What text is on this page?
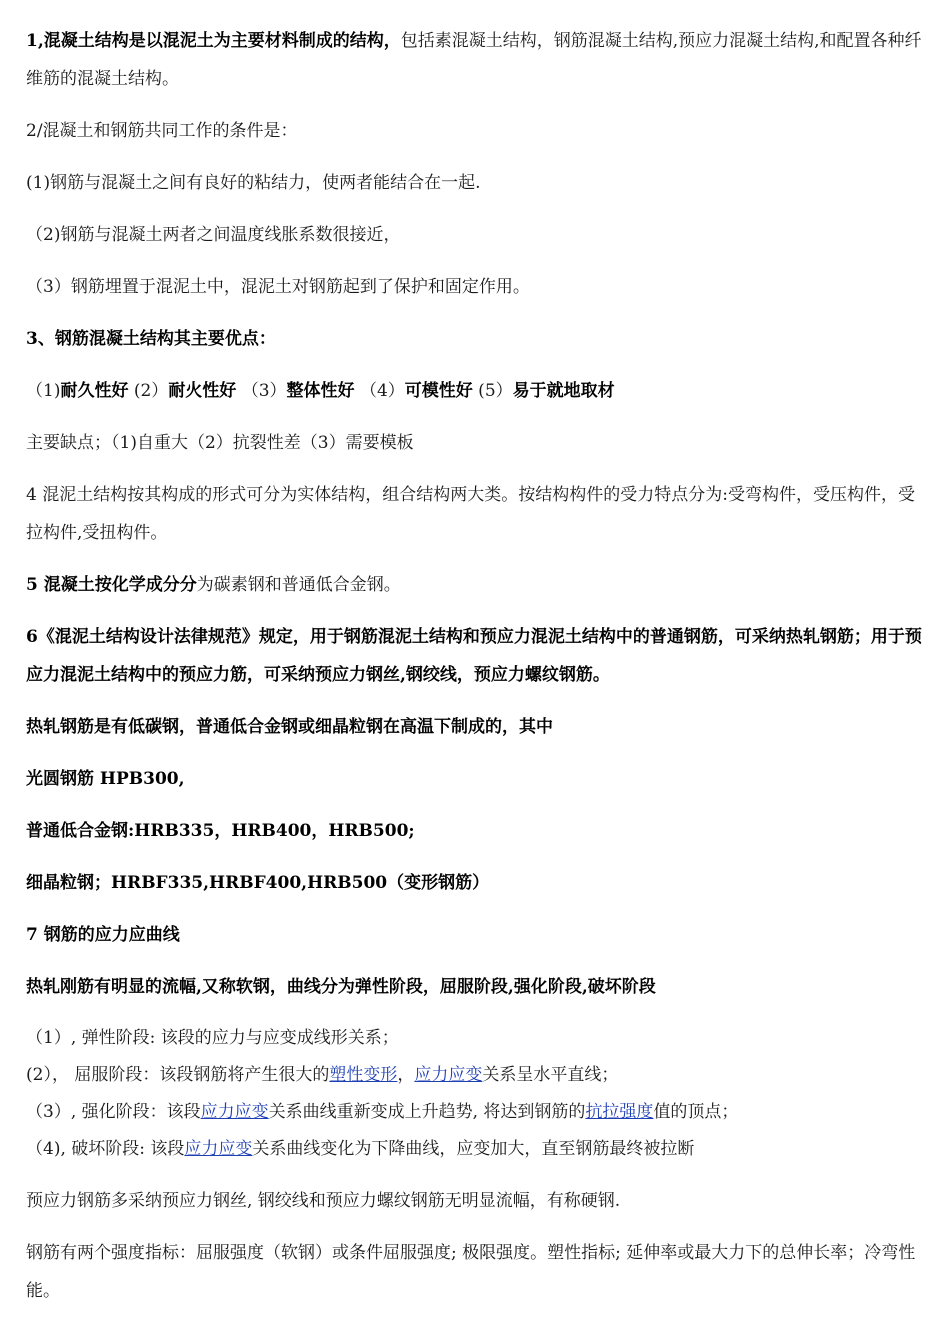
1,混凝土结构是以混泥土为主要材料制成的结构，包括素混凝土结构，钢筋混凝土结构,预应力混凝土结构,和配置各种纤维筋的混凝土结构。

2/混凝土和钢筋共同工作的条件是：

(1)钢筋与混凝土之间有良好的粘结力，使两者能结合在一起.

（2)钢筋与混凝土两者之间温度线胀系数很接近，

（3）钢筋埋置于混泥土中，混泥土对钢筋起到了保护和固定作用。

3、钢筋混凝土结构其主要优点：

（1)耐久性好 (2）耐火性好 （3）整体性好 （4）可模性好 (5）易于就地取材

主要缺点；（1)自重大（2）抗裂性差（3）需要模板

4 混泥土结构按其构成的形式可分为实体结构，组合结构两大类。按结构构件的受力特点分为:受弯构件，受压构件，受拉构件,受扭构件。

5 混凝土按化学成分分为碳素钢和普通低合金钢。

6《混泥土结构设计法律规范》规定，用于钢筋混泥土结构和预应力混泥土结构中的普通钢筋，可采纳热轧钢筋；用于预应力混泥土结构中的预应力筋，可采纳预应力钢丝,钢绞线，预应力螺纹钢筋。

热轧钢筋是有低碳钢，普通低合金钢或细晶粒钢在高温下制成的，其中

光圆钢筋 HPB300,

普通低合金钢:HRB335，HRB400，HRB500;

细晶粒钢；HRBF335,HRBF400,HRB500（变形钢筋）

7 钢筋的应力应曲线

热轧刚筋有明显的流幅,又称软钢，曲线分为弹性阶段，屈服阶段,强化阶段,破坏阶段

（1）, 弹性阶段: 该段的应力与应变成线形关系；

(2）， 屈服阶段：该段钢筋将产生很大的塑性变形，应力应变关系呈水平直线；

（3）, 强化阶段：该段应力应变关系曲线重新变成上升趋势, 将达到钢筋的抗拉强度值的顶点；

（4), 破坏阶段: 该段应力应变关系曲线变化为下降曲线，应变加大，直至钢筋最终被拉断

预应力钢筋多采纳预应力钢丝, 钢绞线和预应力螺纹钢筋无明显流幅，有称硬钢.

钢筋有两个强度指标：屈服强度（软钢）或条件屈服强度; 极限强度。塑性指标; 延伸率或最大力下的总伸长率；冷弯性能。
